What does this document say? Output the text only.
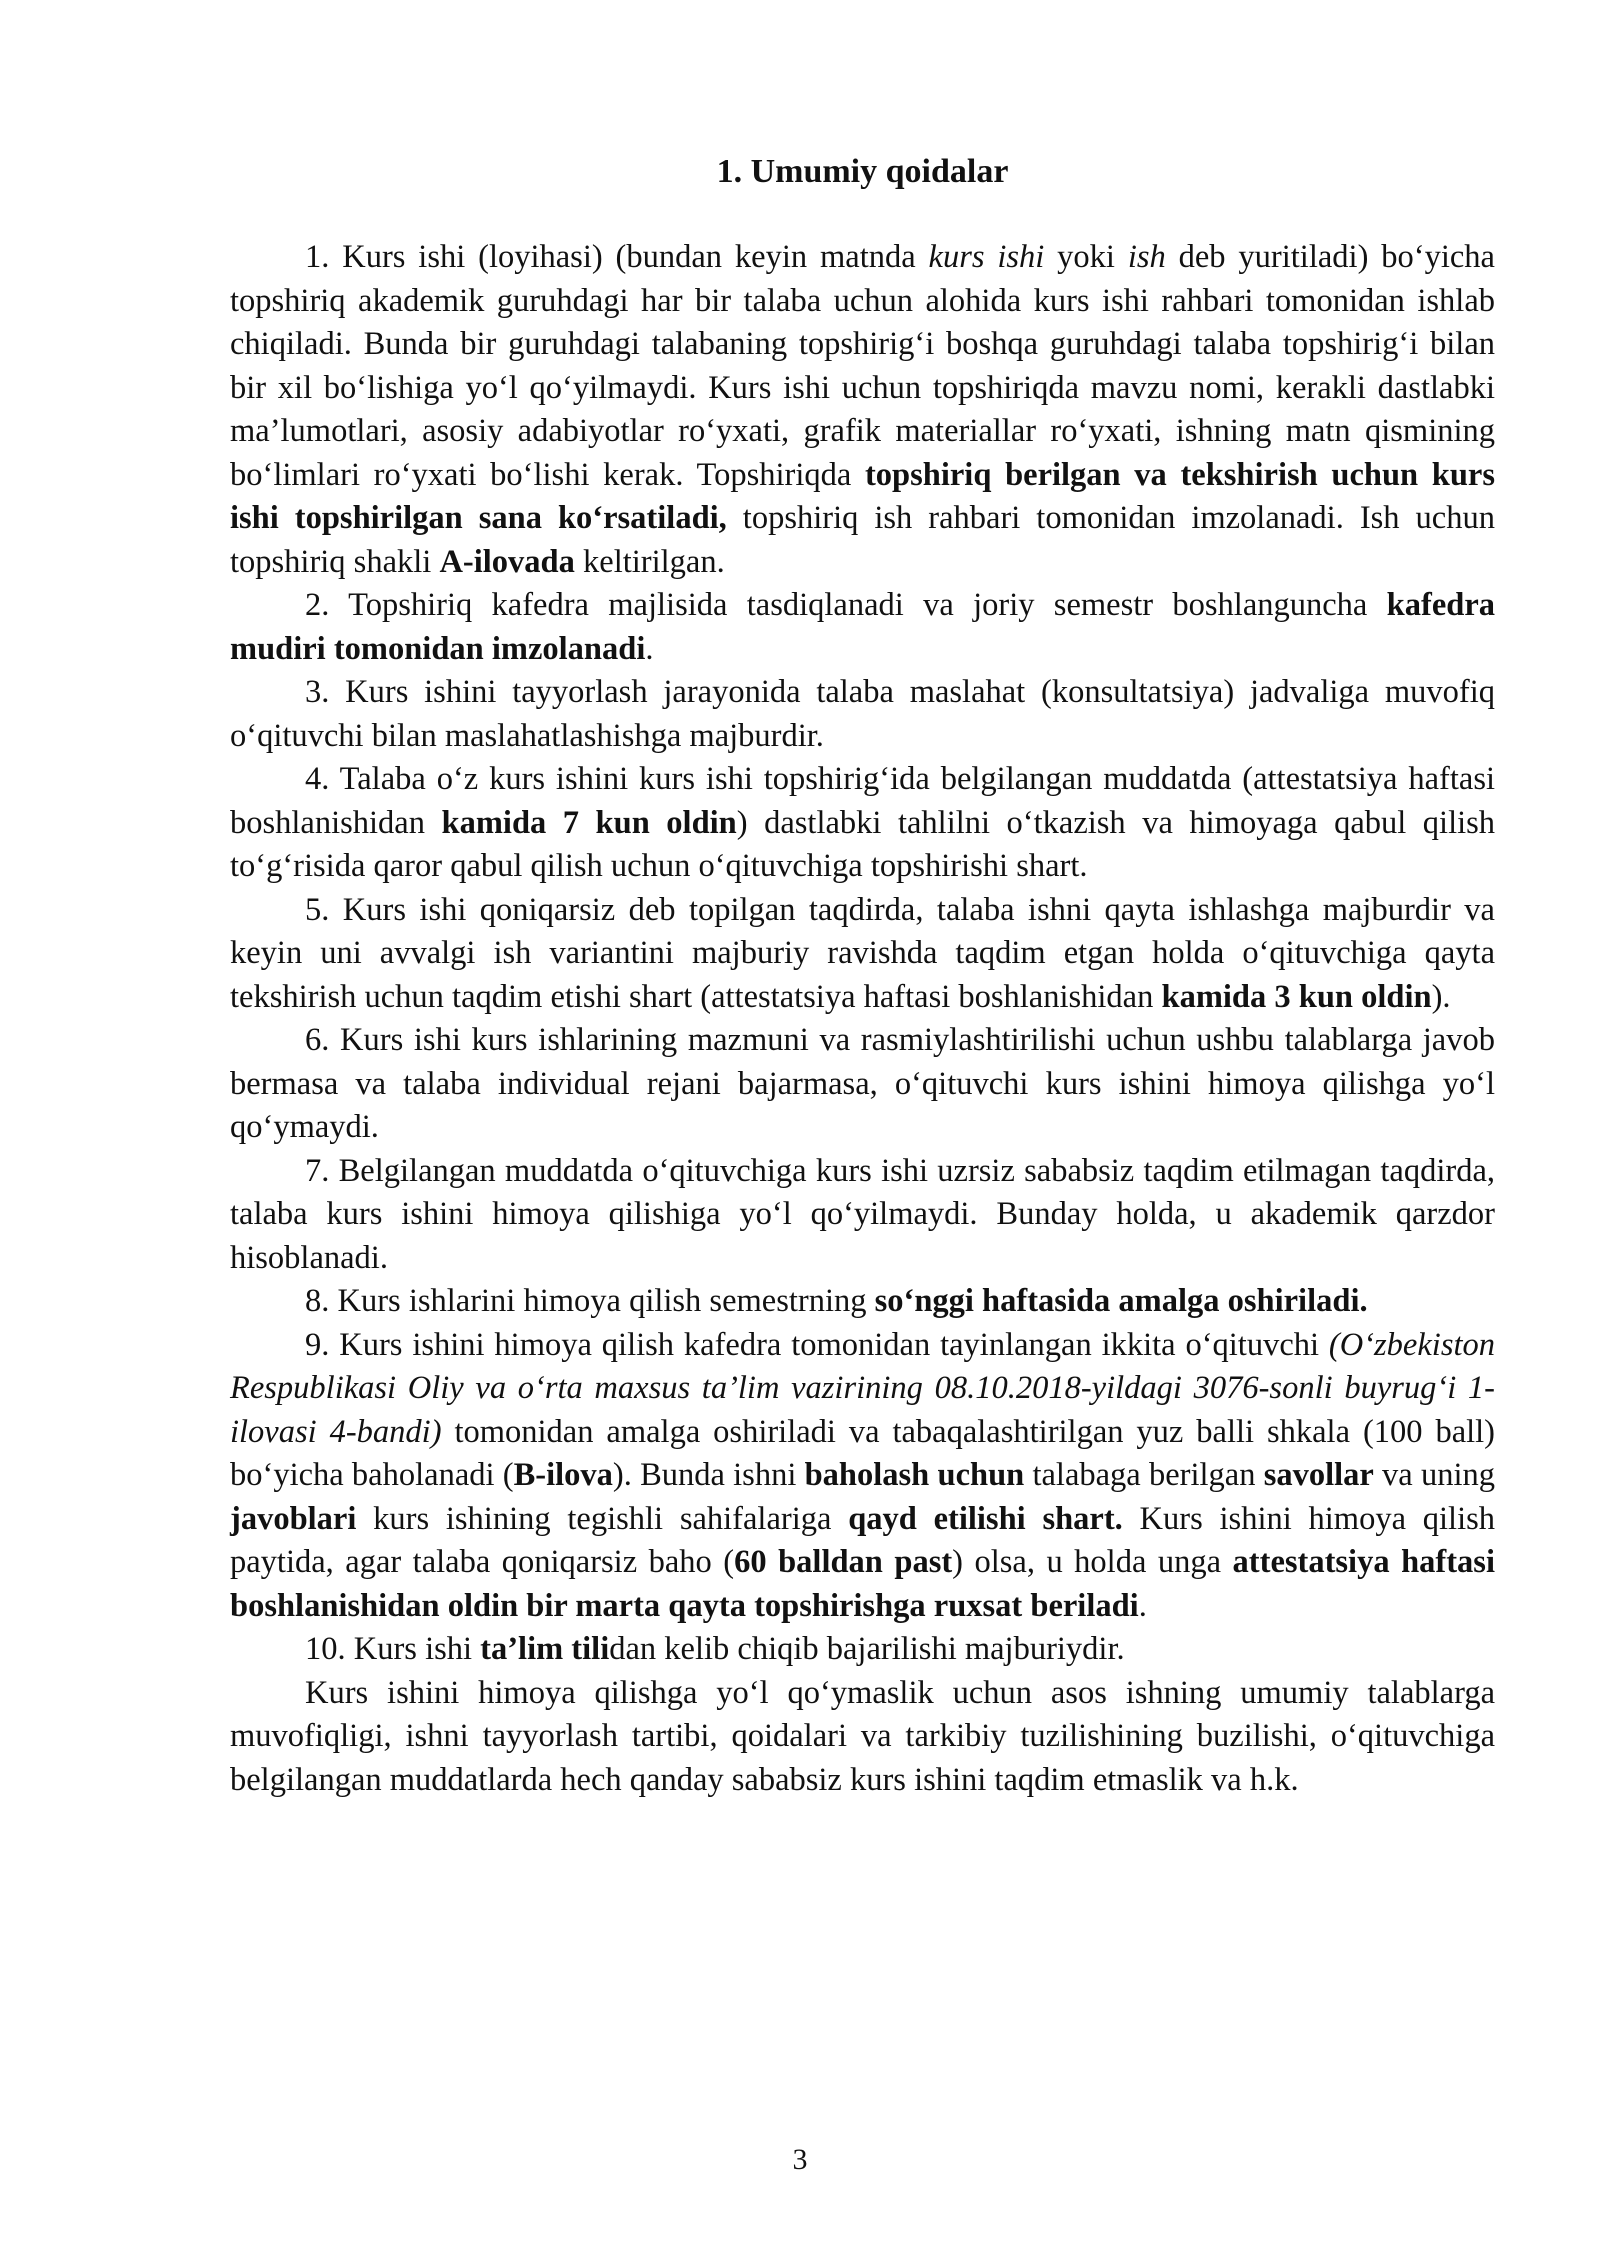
1. Umumiy qoidalar

1. Kurs ishi (loyihasi) (bundan keyin matnda kurs ishi yoki ish deb yuritiladi) bo‘yicha topshiriq akademik guruhdagi har bir talaba uchun alohida kurs ishi rahbari tomonidan ishlab chiqiladi. Bunda bir guruhdagi talabaning topshirig‘i boshqa guruhdagi talaba topshirig‘i bilan bir xil bo‘lishiga yo‘l qo‘yilmaydi. Kurs ishi uchun topshiriqda mavzu nomi, kerakli dastlabki ma’lumotlari, asosiy adabiyotlar ro‘yxati, grafik materiallar ro‘yxati, ishning matn qismining bo‘limlari ro‘yxati bo‘lishi kerak. Topshiriqda topshiriq berilgan va tekshirish uchun kurs ishi topshirilgan sana ko‘rsatiladi, topshiriq ish rahbari tomonidan imzolanadi. Ish uchun topshiriq shakli A-ilovada keltirilgan.

2. Topshiriq kafedra majlisida tasdiqlanadi va joriy semestr boshlanguncha kafedra mudiri tomonidan imzolanadi.

3. Kurs ishini tayyorlash jarayonida talaba maslahat (konsultatsiya) jadvaliga muvofiq o‘qituvchi bilan maslahatlashishga majburdir.

4. Talaba o‘z kurs ishini kurs ishi topshirig‘ida belgilangan muddatda (attestatsiya haftasi boshlanishidan kamida 7 kun oldin) dastlabki tahlilni o‘tkazish va himoyaga qabul qilish to‘g‘risida qaror qabul qilish uchun o‘qituvchiga topshirishi shart.

5. Kurs ishi qoniqarsiz deb topilgan taqdirda, talaba ishni qayta ishlashga majburdir va keyin uni avvalgi ish variantini majburiy ravishda taqdim etgan holda o‘qituvchiga qayta tekshirish uchun taqdim etishi shart (attestatsiya haftasi boshlanishidan kamida 3 kun oldin).

6. Kurs ishi kurs ishlarining mazmuni va rasmiylashtirilishi uchun ushbu talablarga javob bermasa va talaba individual rejani bajarmasa, o‘qituvchi kurs ishini himoya qilishga yo‘l qo‘ymaydi.

7. Belgilangan muddatda o‘qituvchiga kurs ishi uzrsiz sababsiz taqdim etilmagan taqdirda, talaba kurs ishini himoya qilishiga yo‘l qo‘yilmaydi. Bunday holda, u akademik qarzdor hisoblanadi.

8. Kurs ishlarini himoya qilish semestrning so‘nggi haftasida amalga oshiriladi.

9. Kurs ishini himoya qilish kafedra tomonidan tayinlangan ikkita o‘qituvchi (O‘zbekiston Respublikasi Oliy va o‘rta maxsus ta’lim vazirining 08.10.2018-yildagi 3076-sonli buyrug‘i 1-ilovasi 4-bandi) tomonidan amalga oshiriladi va tabaqalashtirilgan yuz balli shkala (100 ball) bo‘yicha baholanadi (B-ilova). Bunda ishni baholash uchun talabaga berilgan savollar va uning javoblari kurs ishining tegishli sahifalariga qayd etilishi shart. Kurs ishini himoya qilish paytida, agar talaba qoniqarsiz baho (60 balldan past) olsa, u holda unga attestatsiya haftasi boshlanishidan oldin bir marta qayta topshirishga ruxsat beriladi.

10. Kurs ishi ta’lim tilidan kelib chiqib bajarilishi majburiydir.

Kurs ishini himoya qilishga yo‘l qo‘ymaslik uchun asos ishning umumiy talablarga muvofiqligi, ishni tayyorlash tartibi, qoidalari va tarkibiy tuzilishining buzilishi, o‘qituvchiga belgilangan muddatlarda hech qanday sababsiz kurs ishini taqdim etmaslik va h.k.

3
